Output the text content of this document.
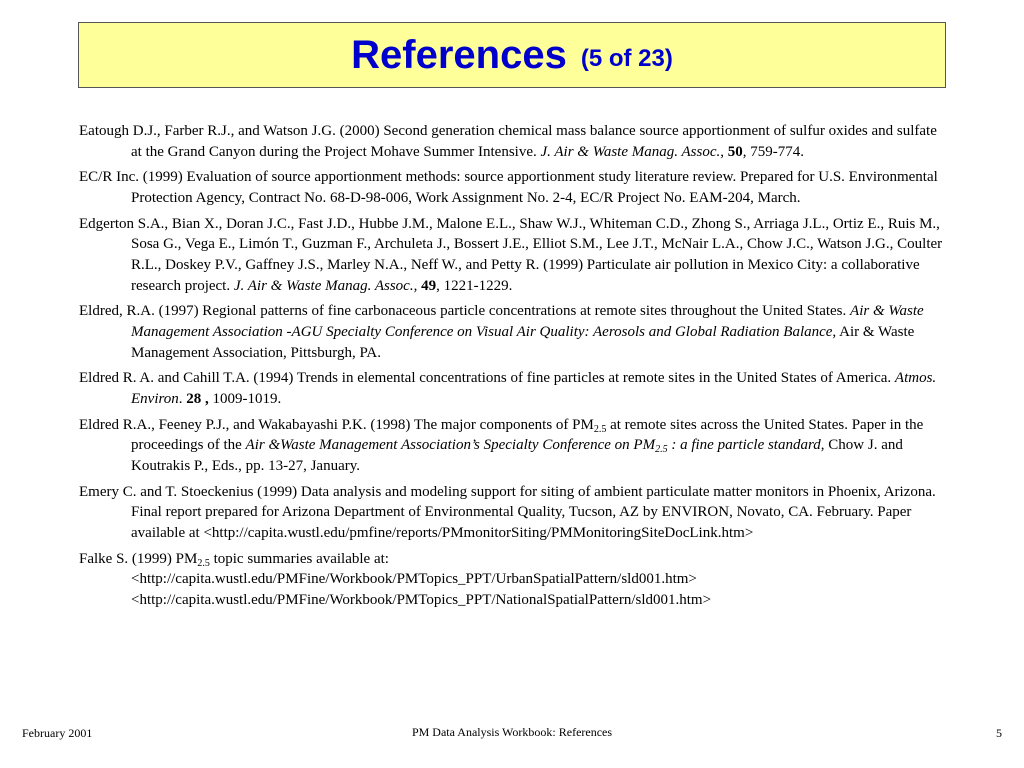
References (5 of 23)

Eatough D.J., Farber R.J., and Watson J.G. (2000) Second generation chemical mass balance source apportionment of sulfur oxides and sulfate at the Grand Canyon during the Project Mohave Summer Intensive. J. Air & Waste Manag. Assoc., 50, 759-774.

EC/R Inc. (1999) Evaluation of source apportionment methods: source apportionment study literature review. Prepared for U.S. Environmental Protection Agency, Contract No. 68-D-98-006, Work Assignment No. 2-4, EC/R Project No. EAM-204, March.

Edgerton S.A., Bian X., Doran J.C., Fast J.D., Hubbe J.M., Malone E.L., Shaw W.J., Whiteman C.D., Zhong S., Arriaga J.L., Ortiz E., Ruis M., Sosa G., Vega E., Limón T., Guzman F., Archuleta J., Bossert J.E., Elliot S.M., Lee J.T., McNair L.A., Chow J.C., Watson J.G., Coulter R.L., Doskey P.V., Gaffney J.S., Marley N.A., Neff W., and Petty R. (1999) Particulate air pollution in Mexico City: a collaborative research project. J. Air & Waste Manag. Assoc., 49, 1221-1229.

Eldred, R.A. (1997) Regional patterns of fine carbonaceous particle concentrations at remote sites throughout the United States. Air & Waste Management Association -AGU Specialty Conference on Visual Air Quality: Aerosols and Global Radiation Balance, Air & Waste Management Association, Pittsburgh, PA.

Eldred R. A. and Cahill T.A. (1994) Trends in elemental concentrations of fine particles at remote sites in the United States of America. Atmos. Environ. 28 , 1009-1019.

Eldred R.A., Feeney P.J., and Wakabayashi P.K. (1998) The major components of $PM_{2.5}$ at remote sites across the United States. Paper in the proceedings of the Air &Waste Management Association’s Specialty Conference on $PM_{2.5}$ : a fine particle standard, Chow J. and Koutrakis P., Eds., pp. 13-27, January.

Emery C. and T. Stoeckenius (1999) Data analysis and modeling support for siting of ambient particulate matter monitors in Phoenix, Arizona. Final report prepared for Arizona Department of Environmental Quality, Tucson, AZ by ENVIRON, Novato, CA. February. Paper available at <http://capita.wustl.edu/pmfine/reports/PMmonitorSiting/PMMonitoringSiteDocLink.htm>

Falke S. (1999) $PM_{2.5}$ topic summaries available at:
<http://capita.wustl.edu/PMFine/Workbook/PMTopics_PPT/UrbanSpatialPattern/sld001.htm>
<http://capita.wustl.edu/PMFine/Workbook/PMTopics_PPT/NationalSpatialPattern/sld001.htm>

February 2001	PM Data Analysis Workbook: References	5
